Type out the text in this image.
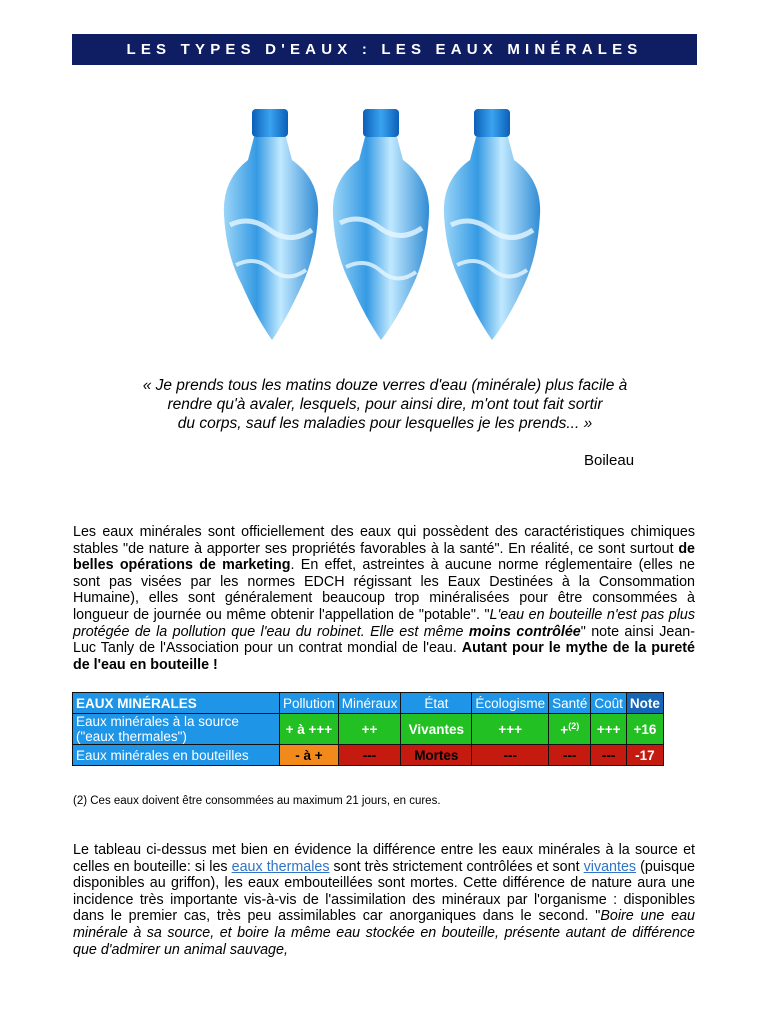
LES TYPES D'EAUX : LES EAUX MINÉRALES
« Je prends tous les matins douze verres d'eau (minérale) plus facile à
rendre qu'à avaler, lesquels, pour ainsi dire, m'ont tout fait sortir
du corps, sauf les maladies pour lesquelles je les prends... »
Boileau
Les eaux minérales sont officiellement des eaux qui possèdent des caractéristiques chimiques stables "de nature à apporter ses propriétés favorables à la santé". En réalité, ce sont surtout de belles opérations de marketing. En effet, astreintes à aucune norme réglementaire (elles ne sont pas visées par les normes EDCH régissant les Eaux Destinées à la Consommation Humaine), elles sont généralement beaucoup trop minéralisées pour être consommées à longueur de journée ou même obtenir l'appellation de "potable". "L'eau en bouteille n'est pas plus protégée de la pollution que l'eau du robinet. Elle est même moins contrôlée" note ainsi Jean-Luc Tanly de l'Association pour un contrat mondial de l'eau. Autant pour le mythe de la pureté de l'eau en bouteille !
EAUX MINÉRALES	Pollution	Minéraux	État	Écologisme	Santé	Coût	Note
Eaux minérales à la source
("eaux thermales")	+ à +++	++	Vivantes	+++	+$^{(2)}$	+++	+16
Eaux minérales en bouteilles	- à +	---	Mortes	---	---	---	-17
(2) Ces eaux doivent être consommées au maximum 21 jours, en cures.
Le tableau ci-dessus met bien en évidence la différence entre les eaux minérales à la source et celles en bouteille: si les eaux thermales sont très strictement contrôlées et sont vivantes (puisque disponibles au griffon), les eaux embouteillées sont mortes. Cette différence de nature aura une incidence très importante vis-à-vis de l'assimilation des minéraux par l'organisme : disponibles dans le premier cas, très peu assimilables car anorganiques dans le second. "Boire une eau minérale à sa source, et boire la même eau stockée en bouteille, présente autant de différence que d'admirer un animal sauvage,
